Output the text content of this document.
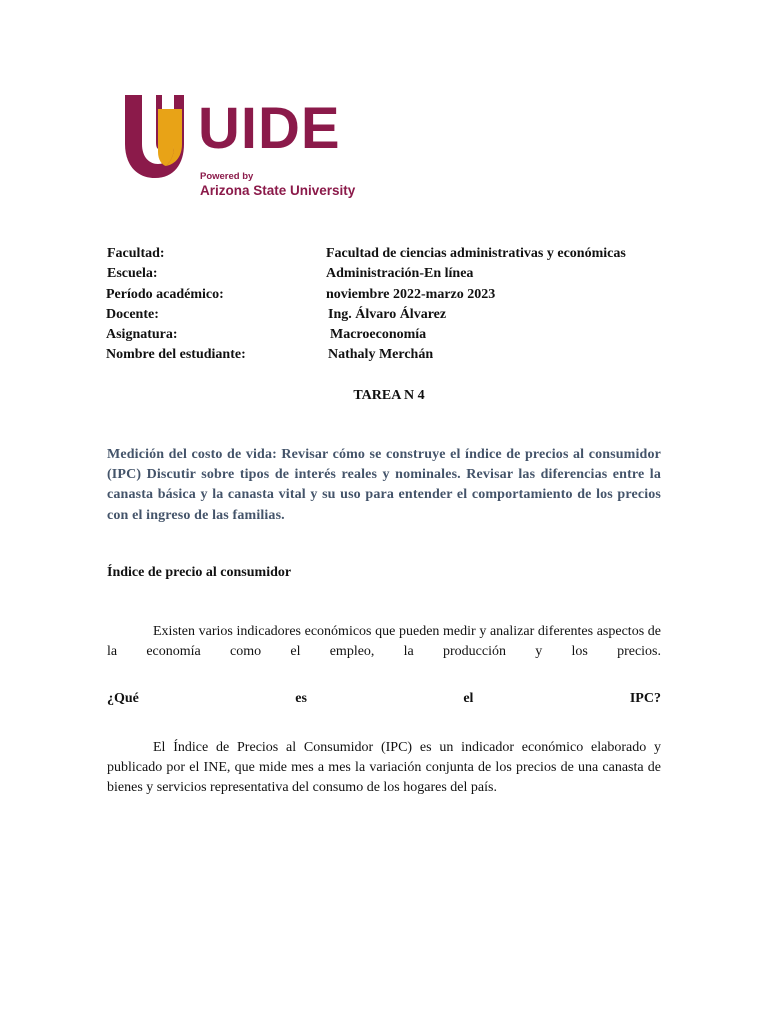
UIDE
Powered by
Arizona State University
Facultad:	Facultad de ciencias administrativas y económicas
Escuela:	Administración-En línea
Período académico:	noviembre 2022-marzo 2023
Docente:	Ing. Álvaro Álvarez
Asignatura:	Macroeconomía
Nombre del estudiante:	Nathaly Merchán
TAREA N 4
Medición del costo de vida: Revisar cómo se construye el índice de precios al consumidor (IPC) Discutir sobre tipos de interés reales y nominales. Revisar las diferencias entre la canasta básica y la canasta vital y su uso para entender el comportamiento de los precios con el ingreso de las familias.
Índice de precio al consumidor
Existen varios indicadores económicos que pueden medir y analizar diferentes aspectos de la economía como el empleo, la producción y los precios.
¿Qué	es	el	IPC?
El Índice de Precios al Consumidor (IPC) es un indicador económico elaborado y publicado por el INE, que mide mes a mes la variación conjunta de los precios de una canasta de bienes y servicios representativa del consumo de los hogares del país.
